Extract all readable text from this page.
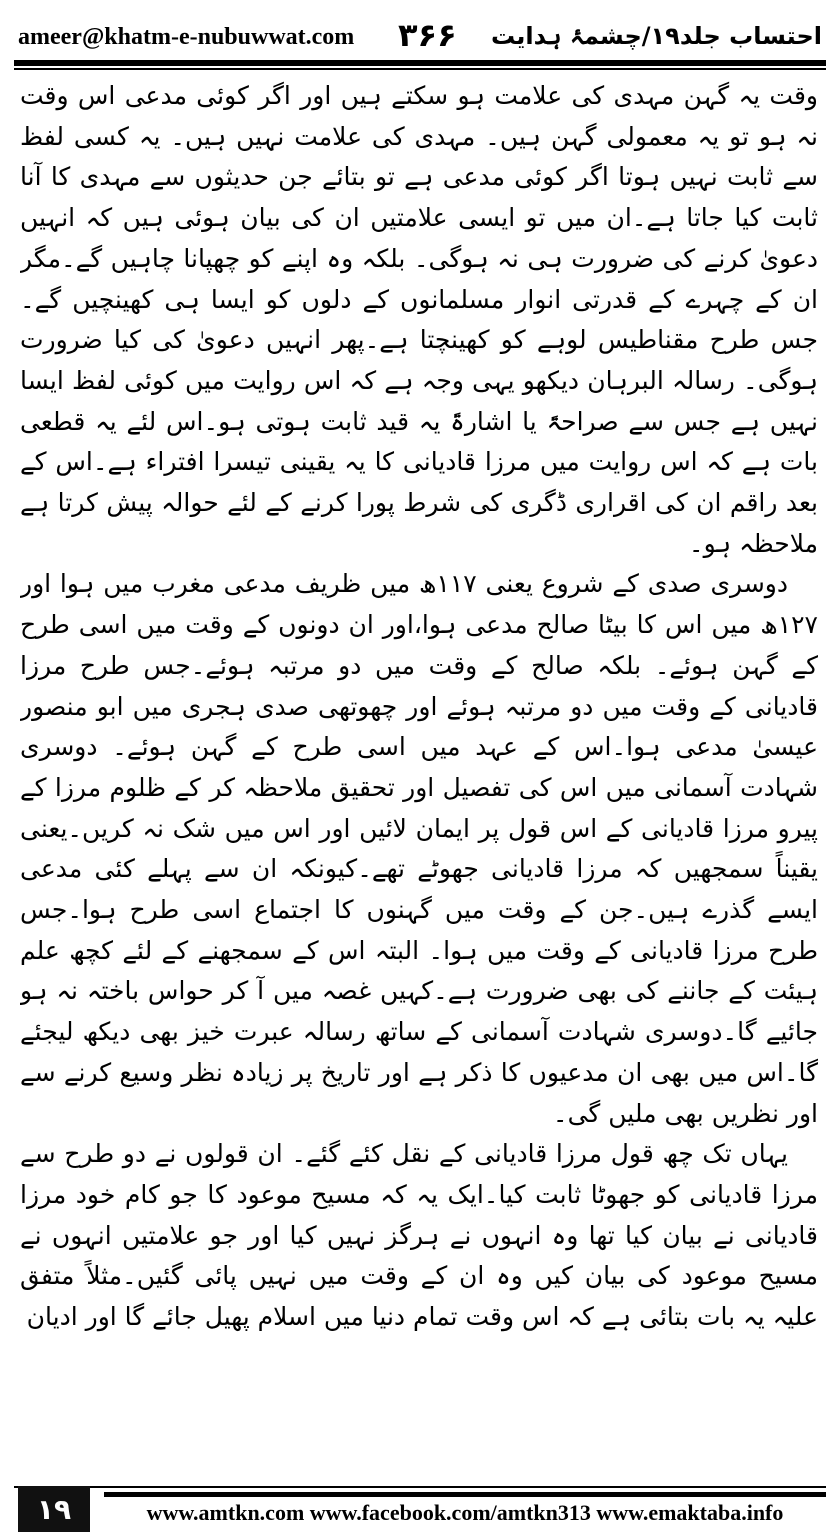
ameer@khatm-e-nubuwwat.com ۳۶۶ احتساب جلد۱۹/چشمۂ ہدایت

وقت یہ گہن مہدی کی علامت ہو سکتے ہیں اور اگر کوئی مدعی اس وقت نہ ہو تو یہ معمولی گہن ہیں۔ مہدی کی علامت نہیں ہیں۔ یہ کسی لفظ سے ثابت نہیں ہوتا اگر کوئی مدعی ہے تو بتائے جن حدیثوں سے مہدی کا آنا ثابت کیا جاتا ہے۔ان میں تو ایسی علامتیں ان کی بیان ہوئی ہیں کہ انہیں دعویٰ کرنے کی ضرورت ہی نہ ہوگی۔ بلکہ وہ اپنے کو چھپانا چاہیں گے۔مگر ان کے چہرے کے قدرتی انوار مسلمانوں کے دلوں کو ایسا ہی کھینچیں گے۔جس طرح مقناطیس لوہے کو کھینچتا ہے۔پھر انہیں دعویٰ کی کیا ضرورت ہوگی۔ رسالہ البرہان دیکھو یہی وجہ ہے کہ اس روایت میں کوئی لفظ ایسا نہیں ہے جس سے صراحۃً یا اشارۃً یہ قید ثابت ہوتی ہو۔اس لئے یہ قطعی بات ہے کہ اس روایت میں مرزا قادیانی کا یہ یقینی تیسرا افتراء ہے۔اس کے بعد راقم ان کی اقراری ڈگری کی شرط پورا کرنے کے لئے حوالہ پیش کرتا ہے ملاحظہ ہو۔

دوسری صدی کے شروع یعنی ۱۱۷ھ میں ظریف مدعی مغرب میں ہوا اور ۱۲۷ھ میں اس کا بیٹا صالح مدعی ہوا،اور ان دونوں کے وقت میں اسی طرح کے گہن ہوئے۔ بلکہ صالح کے وقت میں دو مرتبہ ہوئے۔جس طرح مرزا قادیانی کے وقت میں دو مرتبہ ہوئے اور چھوتھی صدی ہجری میں ابو منصور عیسیٰ مدعی ہوا۔اس کے عہد میں اسی طرح کے گہن ہوئے۔ دوسری شہادت آسمانی میں اس کی تفصیل اور تحقیق ملاحظہ کر کے ظلوم مرزا کے پیرو مرزا قادیانی کے اس قول پر ایمان لائیں اور اس میں شک نہ کریں۔یعنی یقیناً سمجھیں کہ مرزا قادیانی جھوٹے تھے۔کیونکہ ان سے پہلے کئی مدعی ایسے گذرے ہیں۔جن کے وقت میں گہنوں کا اجتماع اسی طرح ہوا۔جس طرح مرزا قادیانی کے وقت میں ہوا۔ البتہ اس کے سمجھنے کے لئے کچھ علم ہیئت کے جاننے کی بھی ضرورت ہے۔کہیں غصہ میں آ کر حواس باختہ نہ ہو جائیے گا۔دوسری شہادت آسمانی کے ساتھ رسالہ عبرت خیز بھی دیکھ لیجئے گا۔اس میں بھی ان مدعیوں کا ذکر ہے اور تاریخ پر زیادہ نظر وسیع کرنے سے اور نظریں بھی ملیں گی۔

یہاں تک چھ قول مرزا قادیانی کے نقل کئے گئے۔ ان قولوں نے دو طرح سے مرزا قادیانی کو جھوٹا ثابت کیا۔ایک یہ کہ مسیح موعود کا جو کام خود مرزا قادیانی نے بیان کیا تھا وہ انہوں نے ہرگز نہیں کیا اور جو علامتیں انہوں نے مسیح موعود کی بیان کیں وہ ان کے وقت میں نہیں پائی گئیں۔مثلاً متفق علیہ یہ بات بتائی ہے کہ اس وقت تمام دنیا میں اسلام پھیل جائے گا اور ادیان

۱۹	www.amtkn.com www.facebook.com/amtkn313 www.emaktaba.info
